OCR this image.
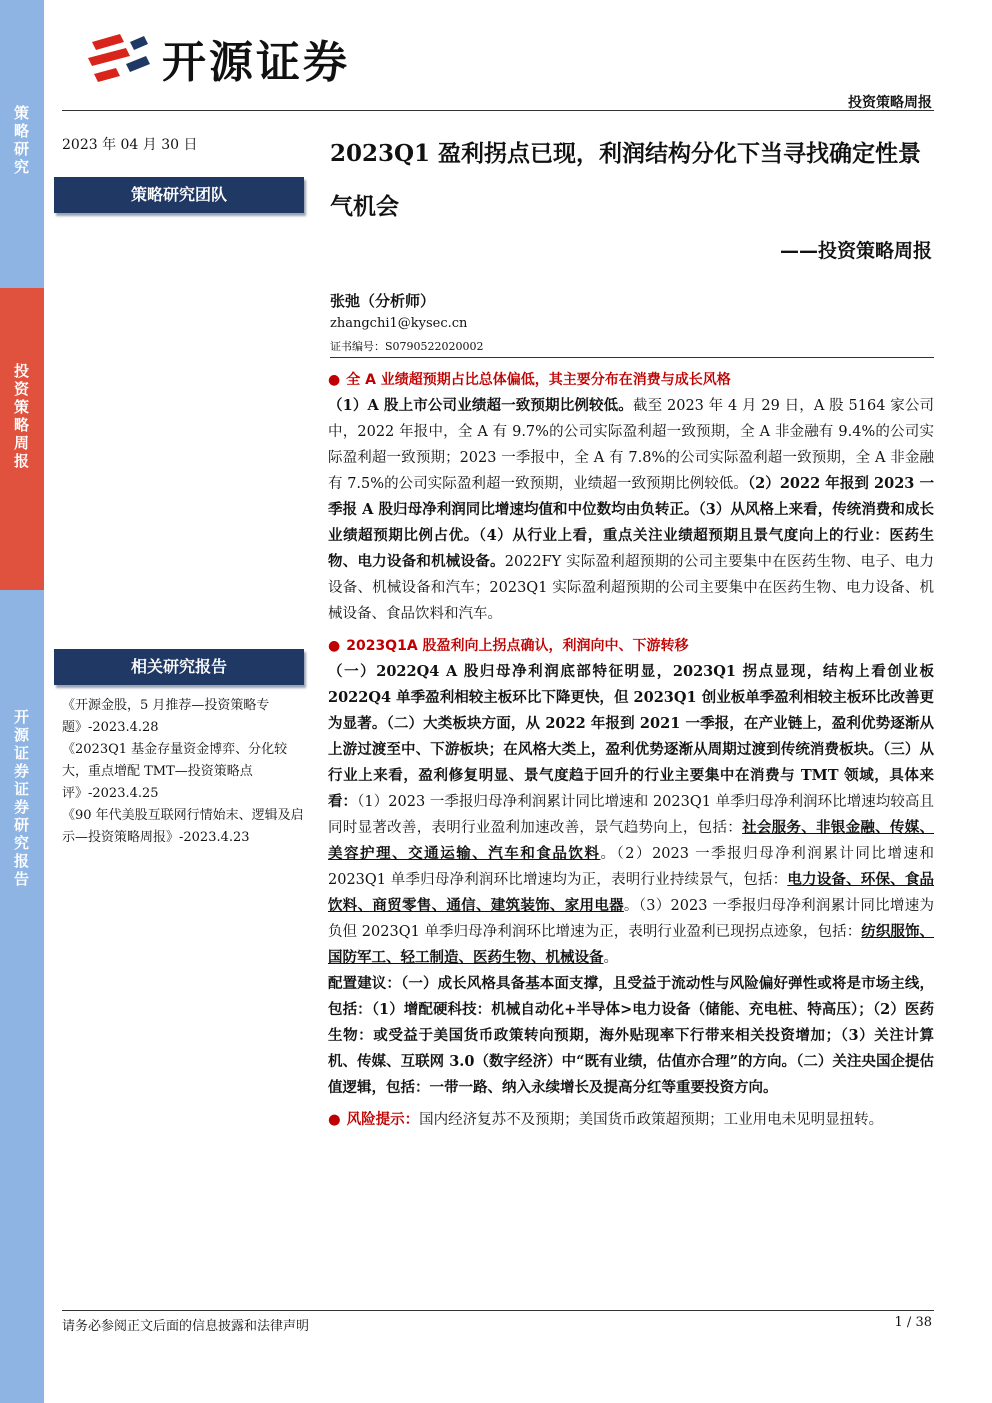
策略研究
投资策略周报
开源证券 证券研究报告
开源证券
投资策略周报
2023 年 04 月 30 日
策略研究团队
相关研究报告
《开源金股，5 月推荐—投资策略专题》-2023.4.28
《2023Q1 基金存量资金博弈、分化较大，重点增配 TMT—投资策略点评》-2023.4.25
《90 年代美股互联网行情始末、逻辑及启示—投资策略周报》-2023.4.23
2023Q1 盈利拐点已现，利润结构分化下当寻找确定性景气机会
——投资策略周报
张弛（分析师）
zhangchi1@kysec.cn
证书编号：S0790522020002

● 全 A 业绩超预期占比总体偏低，其主要分布在消费与成长风格

（1）A 股上市公司业绩超一致预期比例较低。截至 2023 年 4 月 29 日，A 股 5164 家公司中，2022 年报中，全 A 有 9.7%的公司实际盈利超一致预期，全 A 非金融有 9.4%的公司实际盈利超一致预期；2023 一季报中，全 A 有 7.8%的公司实际盈利超一致预期，全 A 非金融有 7.5%的公司实际盈利超一致预期，业绩超一致预期比例较低。（2）2022 年报到 2023 一季报 A 股归母净利润同比增速均值和中位数均由负转正。（3）从风格上来看，传统消费和成长业绩超预期比例占优。（4）从行业上看，重点关注业绩超预期且景气度向上的行业：医药生物、电力设备和机械设备。2022FY 实际盈利超预期的公司主要集中在医药生物、电子、电力设备、机械设备和汽车；2023Q1 实际盈利超预期的公司主要集中在医药生物、电力设备、机械设备、食品饮料和汽车。

● 2023Q1A 股盈利向上拐点确认，利润向中、下游转移

（一）2022Q4 A 股归母净利润底部特征明显，2023Q1 拐点显现，结构上看创业板 2022Q4 单季盈利相较主板环比下降更快，但 2023Q1 创业板单季盈利相较主板环比改善更为显著。（二）大类板块方面，从 2022 年报到 2021 一季报，在产业链上，盈利优势逐渐从上游过渡至中、下游板块；在风格大类上，盈利优势逐渐从周期过渡到传统消费板块。（三）从行业上来看，盈利修复明显、景气度趋于回升的行业主要集中在消费与 TMT 领域，具体来看：（1）2023 一季报归母净利润累计同比增速和 2023Q1 单季归母净利润环比增速均较高且同时显著改善，表明行业盈利加速改善，景气趋势向上，包括：社会服务、非银金融、传媒、美容护理、交通运输、汽车和食品饮料。（2）2023 一季报归母净利润累计同比增速和 2023Q1 单季归母净利润环比增速均为正，表明行业持续景气，包括：电力设备、环保、食品饮料、商贸零售、通信、建筑装饰、家用电器。（3）2023 一季报归母净利润累计同比增速为负但 2023Q1 单季归母净利润环比增速为正，表明行业盈利已现拐点迹象，包括：纺织服饰、国防军工、轻工制造、医药生物、机械设备。

配置建议：（一）成长风格具备基本面支撑，且受益于流动性与风险偏好弹性或将是市场主线，包括：（1）增配硬科技：机械自动化+半导体>电力设备（储能、充电桩、特高压）；（2）医药生物：或受益于美国货币政策转向预期，海外贴现率下行带来相关投资增加；（3）关注计算机、传媒、互联网 3.0（数字经济）中“既有业绩，估值亦合理”的方向。（二）关注央国企提估值逻辑，包括：一带一路、纳入永续增长及提高分红等重要投资方向。

● 风险提示：国内经济复苏不及预期；美国货币政策超预期；工业用电未见明显扭转。

请务必参阅正文后面的信息披露和法律声明	1 / 38
